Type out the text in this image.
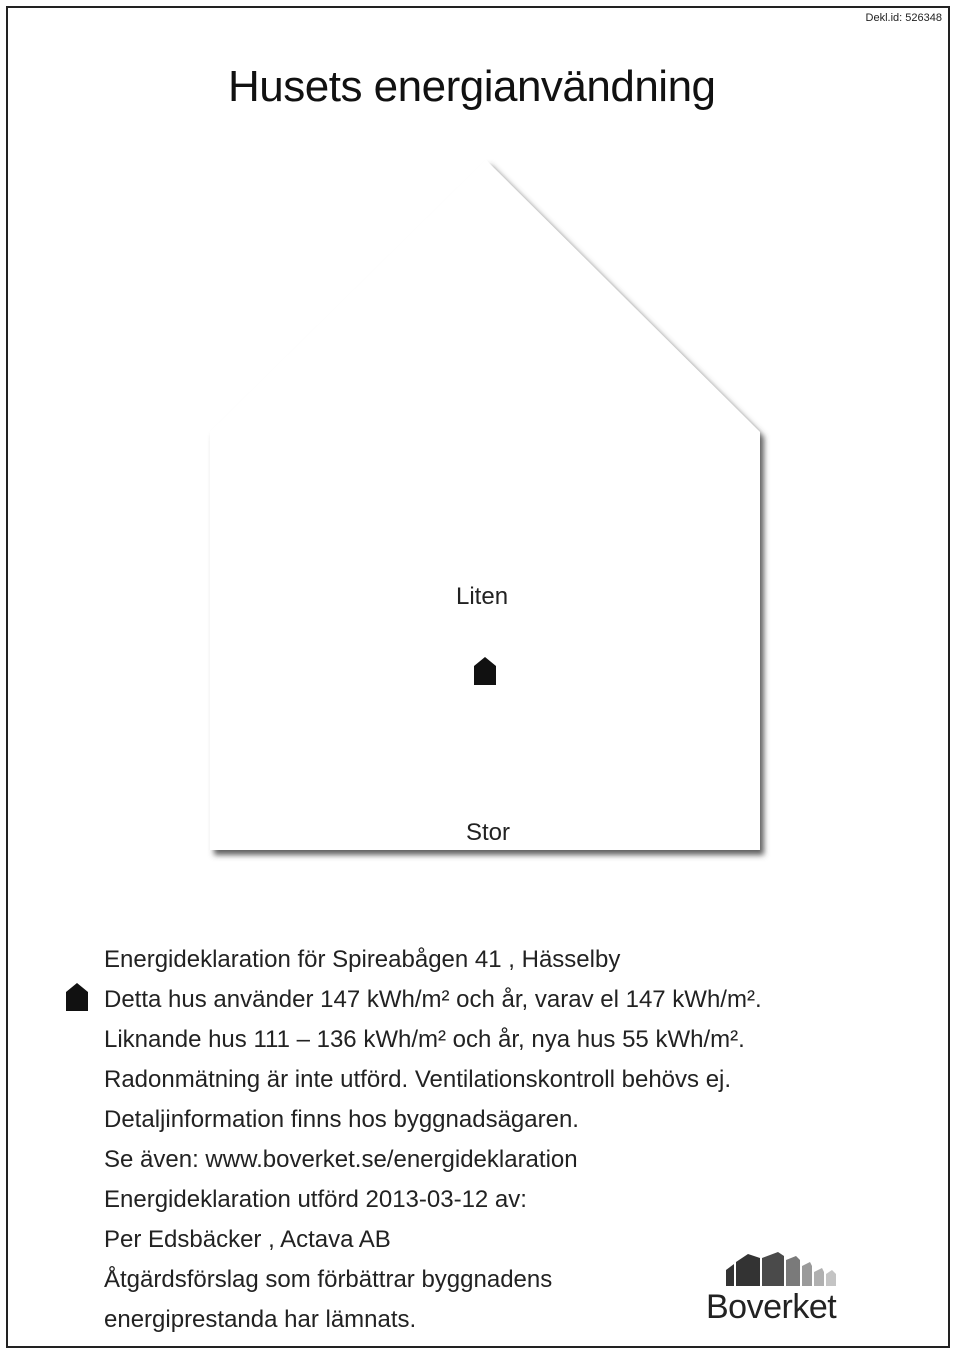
Dekl.id: 526348
Husets energianvändning
Liten
Stor
Energideklaration för Spireabågen 41 , Hässelby
Detta hus använder 147 kWh/m² och år, varav el 147 kWh/m².
Liknande hus 111 – 136 kWh/m² och år, nya hus 55 kWh/m².
Radonmätning är inte utförd. Ventilationskontroll behövs ej.
Detaljinformation finns hos byggnadsägaren.
Se även: www.boverket.se/energideklaration
Energideklaration utförd 2013-03-12 av:
Per Edsbäcker , Actava AB
Åtgärdsförslag som förbättrar byggnadens
energiprestanda har lämnats.	Boverket
